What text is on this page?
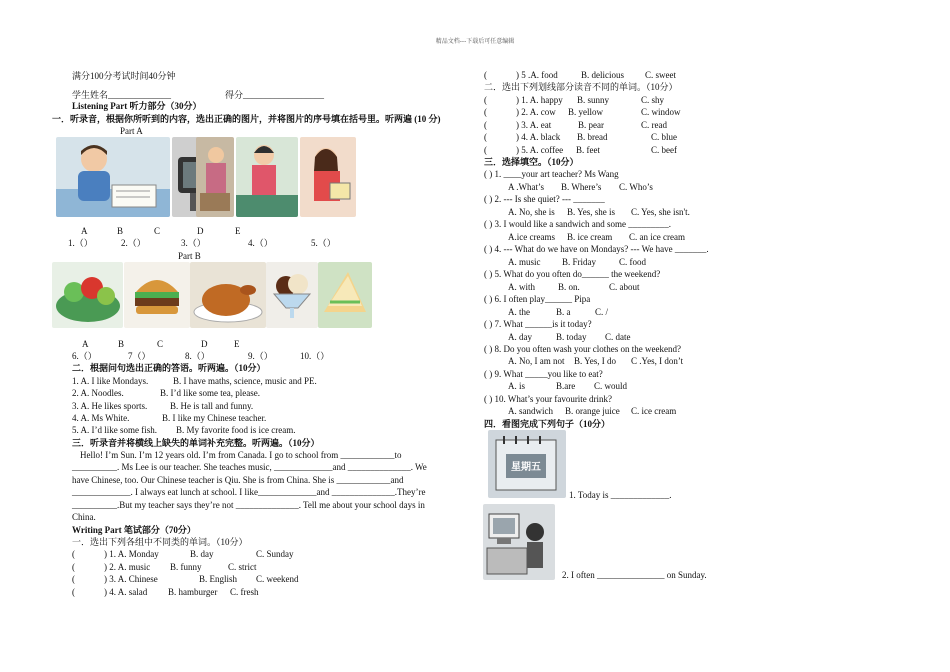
精品文档---下载后可任意编辑
满分100分考试时间40分钟
学生姓名______________	得分__________________
Listening Part 听力部分（30分）
一．听录音，根据你所听到的内容，选出正确的图片，并将图片的序号填在括号里。听两遍 (10 分)
Part A
A	B	C	D	E
1.（）	2.（）	3.（）	4.（）	5.（）
Part B
A	B	C	D	E
6.（）	7（）	8.（）	9.（）	10.（）
二．根据问句选出正确的答语。听两遍。（10分）
1. A. I like Mondays.	B. I have maths, science, music and PE.
2. A. Noodles.	B. I’d like some tea, please.
3. A. He likes sports.	B. He is tall and funny.
4. A. Ms White.	B. I like my Chinese teacher.
5. A. I’d like some fish. B. My favorite food is ice cream.
三．听录音并将横线上缺失的单词补充完整。听两遍。（10分）
Hello! I’m Sun. I’m 12 years old. I’m from Canada. I go to school from ____________to
__________. Ms Lee is our teacher. She teaches music, _____________and ______________. We
have Chinese, too. Our Chinese teacher is Qiu. She is from China. She is ____________and
_____________. I always eat lunch at school. I like_____________and ______________.They’re
__________.But my teacher says they’re not ______________. Tell me about your school days in
China.
Writing Part 笔试部分（70分）
一．选出下列各组中不同类的单词。（10分）
(	) 1. A. Monday	B. day	C. Sunday
(	) 2. A. music B. funny	C. strict
(	) 3. A. Chinese	B. English C. weekend
(	) 4. A. salad B. hamburger C. fresh
(	) 5 .A. food	B. delicious C. sweet
二．选出下列划线部分读音不同的单词。（10分）
(	) 1. A. happy B. sunny	C. shy
(	) 2. A. cow B. yellow	C. window
(	) 3. A. eat	B. pear	C. read
(	) 4. A. black B. bread	C. blue
(	) 5. A. coffee B. feet	C. beef
三．选择填空。（10分）
( ) 1. ____your art teacher? Ms Wang
A .What’s B. Where’s C. Who’s
( ) 2. --- Is she quiet? --- _______
A. No, she is B. Yes, she is C. Yes, she isn't.
( ) 3. I would like a sandwich and some _________.
A.ice creams B. ice cream C. an ice cream
( ) 4. --- What do we have on Mondays? --- We have _______.
A. music B. Friday	C. food
( ) 5. What do you often do______ the weekend?
A. with	B. on.	C. about
( ) 6. I often play______ Pipa
A. the	B. a	C. /
( ) 7. What ______is it today?
A. day	B. today C. date
( ) 8. Do you often wash your clothes on the weekend?
A. No, I am not B. Yes, I do C .Yes, I don’t
( ) 9. What _____you like to eat?
A. is	B.are C. would
( ) 10. What’s your favourite drink?
A. sandwich B. orange juice C. ice cream
四．看图完成下列句子（10分）
星期五
1. Today is _____________.
2. I often _______________ on Sunday.
